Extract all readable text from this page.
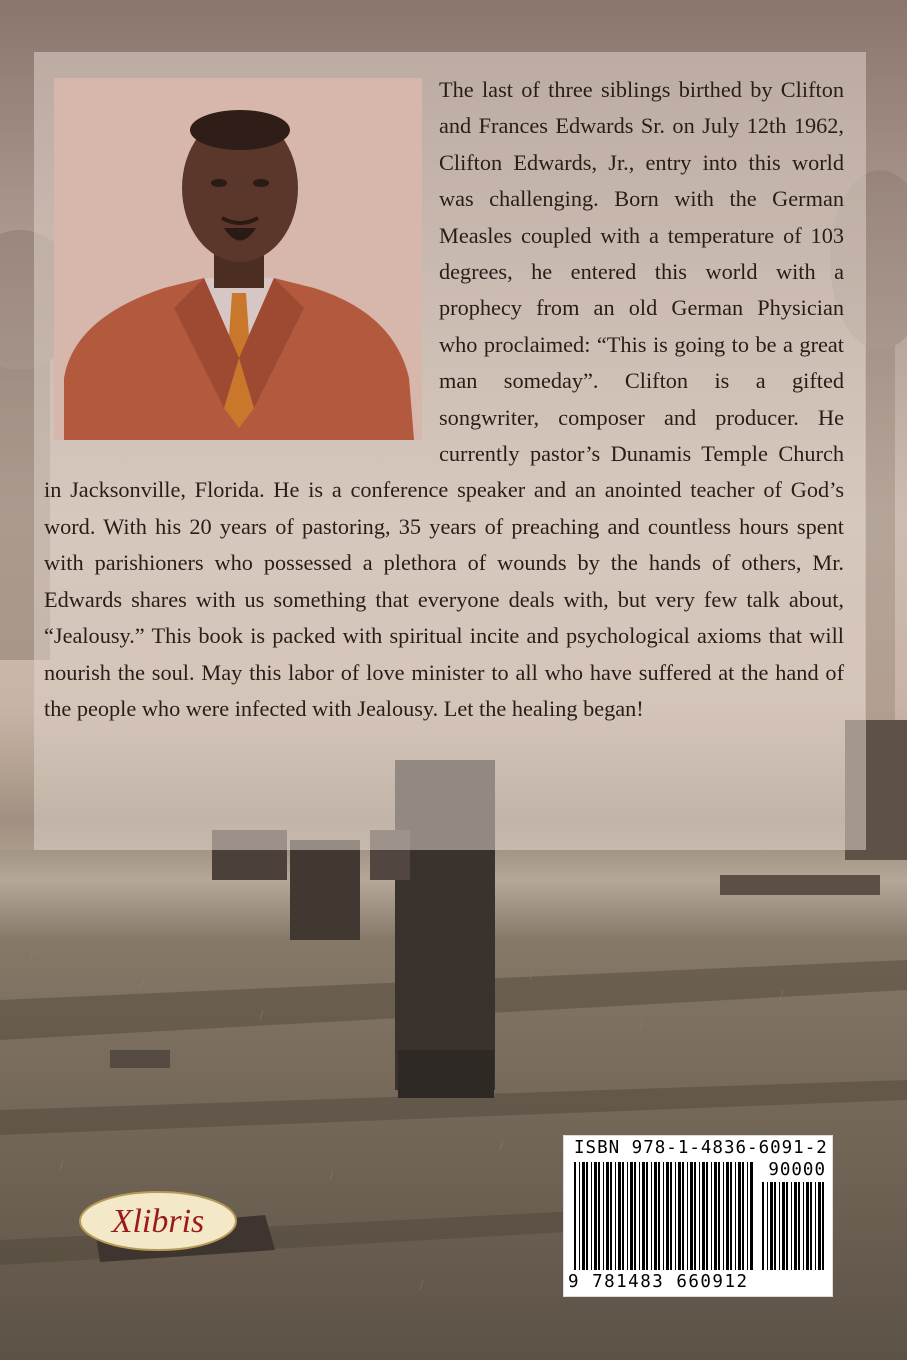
The last of three siblings birthed by Clifton and Frances Edwards Sr. on July 12th 1962, Clifton Edwards, Jr., entry into this world was challenging. Born with the German Measles coupled with a temperature of 103 degrees, he entered this world with a prophecy from an old German Physician who proclaimed: “This is going to be a great man someday”. Clifton is a gifted songwriter, composer and producer. He currently pastor’s Dunamis Temple Church in Jacksonville, Florida. He is a conference speaker and an anointed teacher of God’s word. With his 20 years of pastoring, 35 years of preaching and countless hours spent with parishioners who possessed a plethora of wounds by the hands of others, Mr. Edwards shares with us something that everyone deals with, but very few talk about, “Jealousy.” This book is packed with spiritual incite and psychological axioms that will nourish the soul. May this labor of love minister to all who have suffered at the hand of the people who were infected with Jealousy. Let the healing began!

Xlibris
ISBN 978-1-4836-6091-2
90000
9 781483 660912
